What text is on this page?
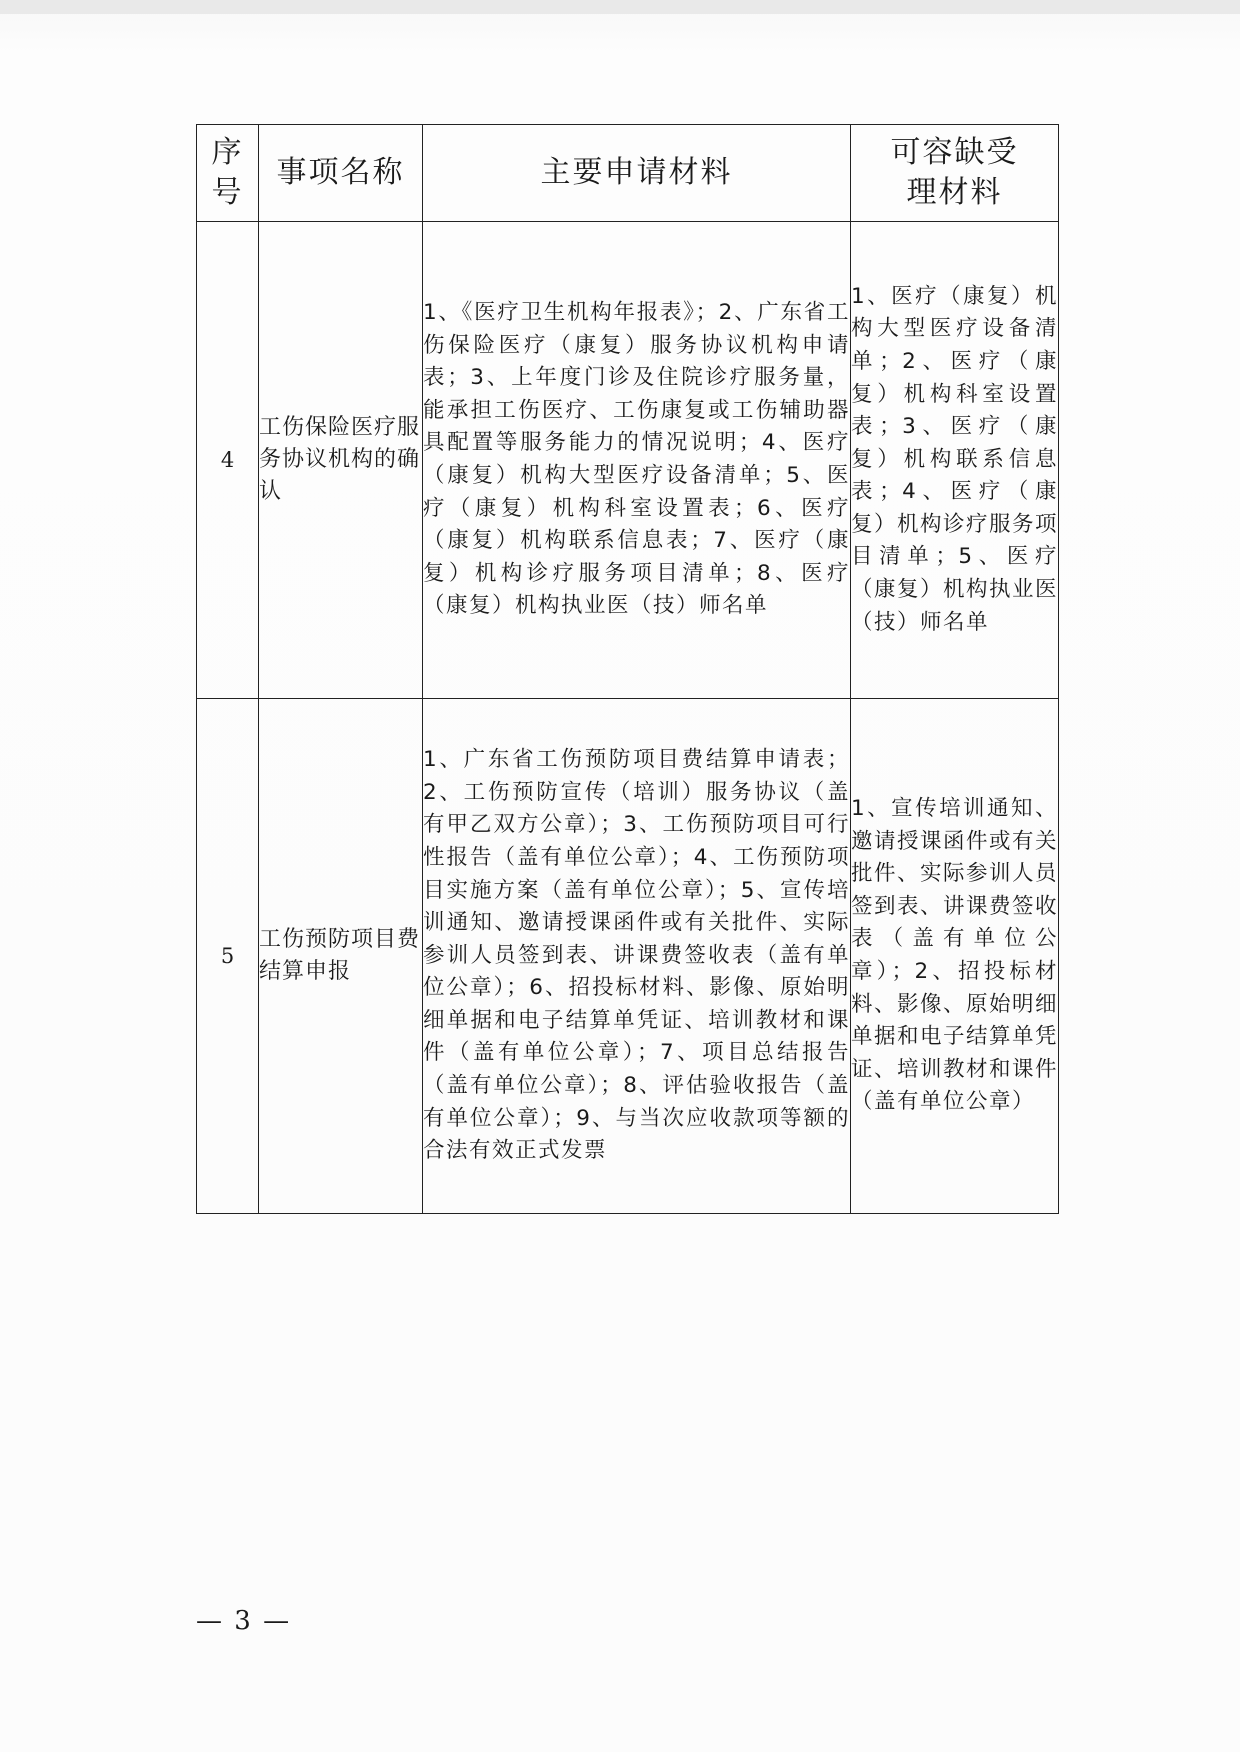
序号	事项名称	主要申请材料	可容缺受理材料
4	工伤保险医疗服务协议机构的确认	1、《医疗卫生机构年报表》；2、广东省工伤保险医疗（康复）服务协议机构申请表；3、上年度门诊及住院诊疗服务量，能承担工伤医疗、工伤康复或工伤辅助器具配置等服务能力的情况说明；4、医疗（康复）机构大型医疗设备清单；5、医疗（康复）机构科室设置表；6、医疗（康复）机构联系信息表；7、医疗（康复）机构诊疗服务项目清单；8、医疗（康复）机构执业医（技）师名单	1、医疗（康复）机构大型医疗设备清单；2、医疗（康复）机构科室设置表；3、医疗（康复）机构联系信息表；4、医疗（康复）机构诊疗服务项目清单；5、医疗（康复）机构执业医（技）师名单
5	工伤预防项目费结算申报	1、广东省工伤预防项目费结算申请表；2、工伤预防宣传（培训）服务协议（盖有甲乙双方公章）；3、工伤预防项目可行性报告（盖有单位公章）；4、工伤预防项目实施方案（盖有单位公章）；5、宣传培训通知、邀请授课函件或有关批件、实际参训人员签到表、讲课费签收表（盖有单位公章）；6、招投标材料、影像、原始明细单据和电子结算单凭证、培训教材和课件（盖有单位公章）；7、项目总结报告（盖有单位公章）；8、评估验收报告（盖有单位公章）；9、与当次应收款项等额的合法有效正式发票	1、宣传培训通知、邀请授课函件或有关批件、实际参训人员签到表、讲课费签收表（盖有单位公章）；2、招投标材料、影像、原始明细单据和电子结算单凭证、培训教材和课件（盖有单位公章）
— 3 —
